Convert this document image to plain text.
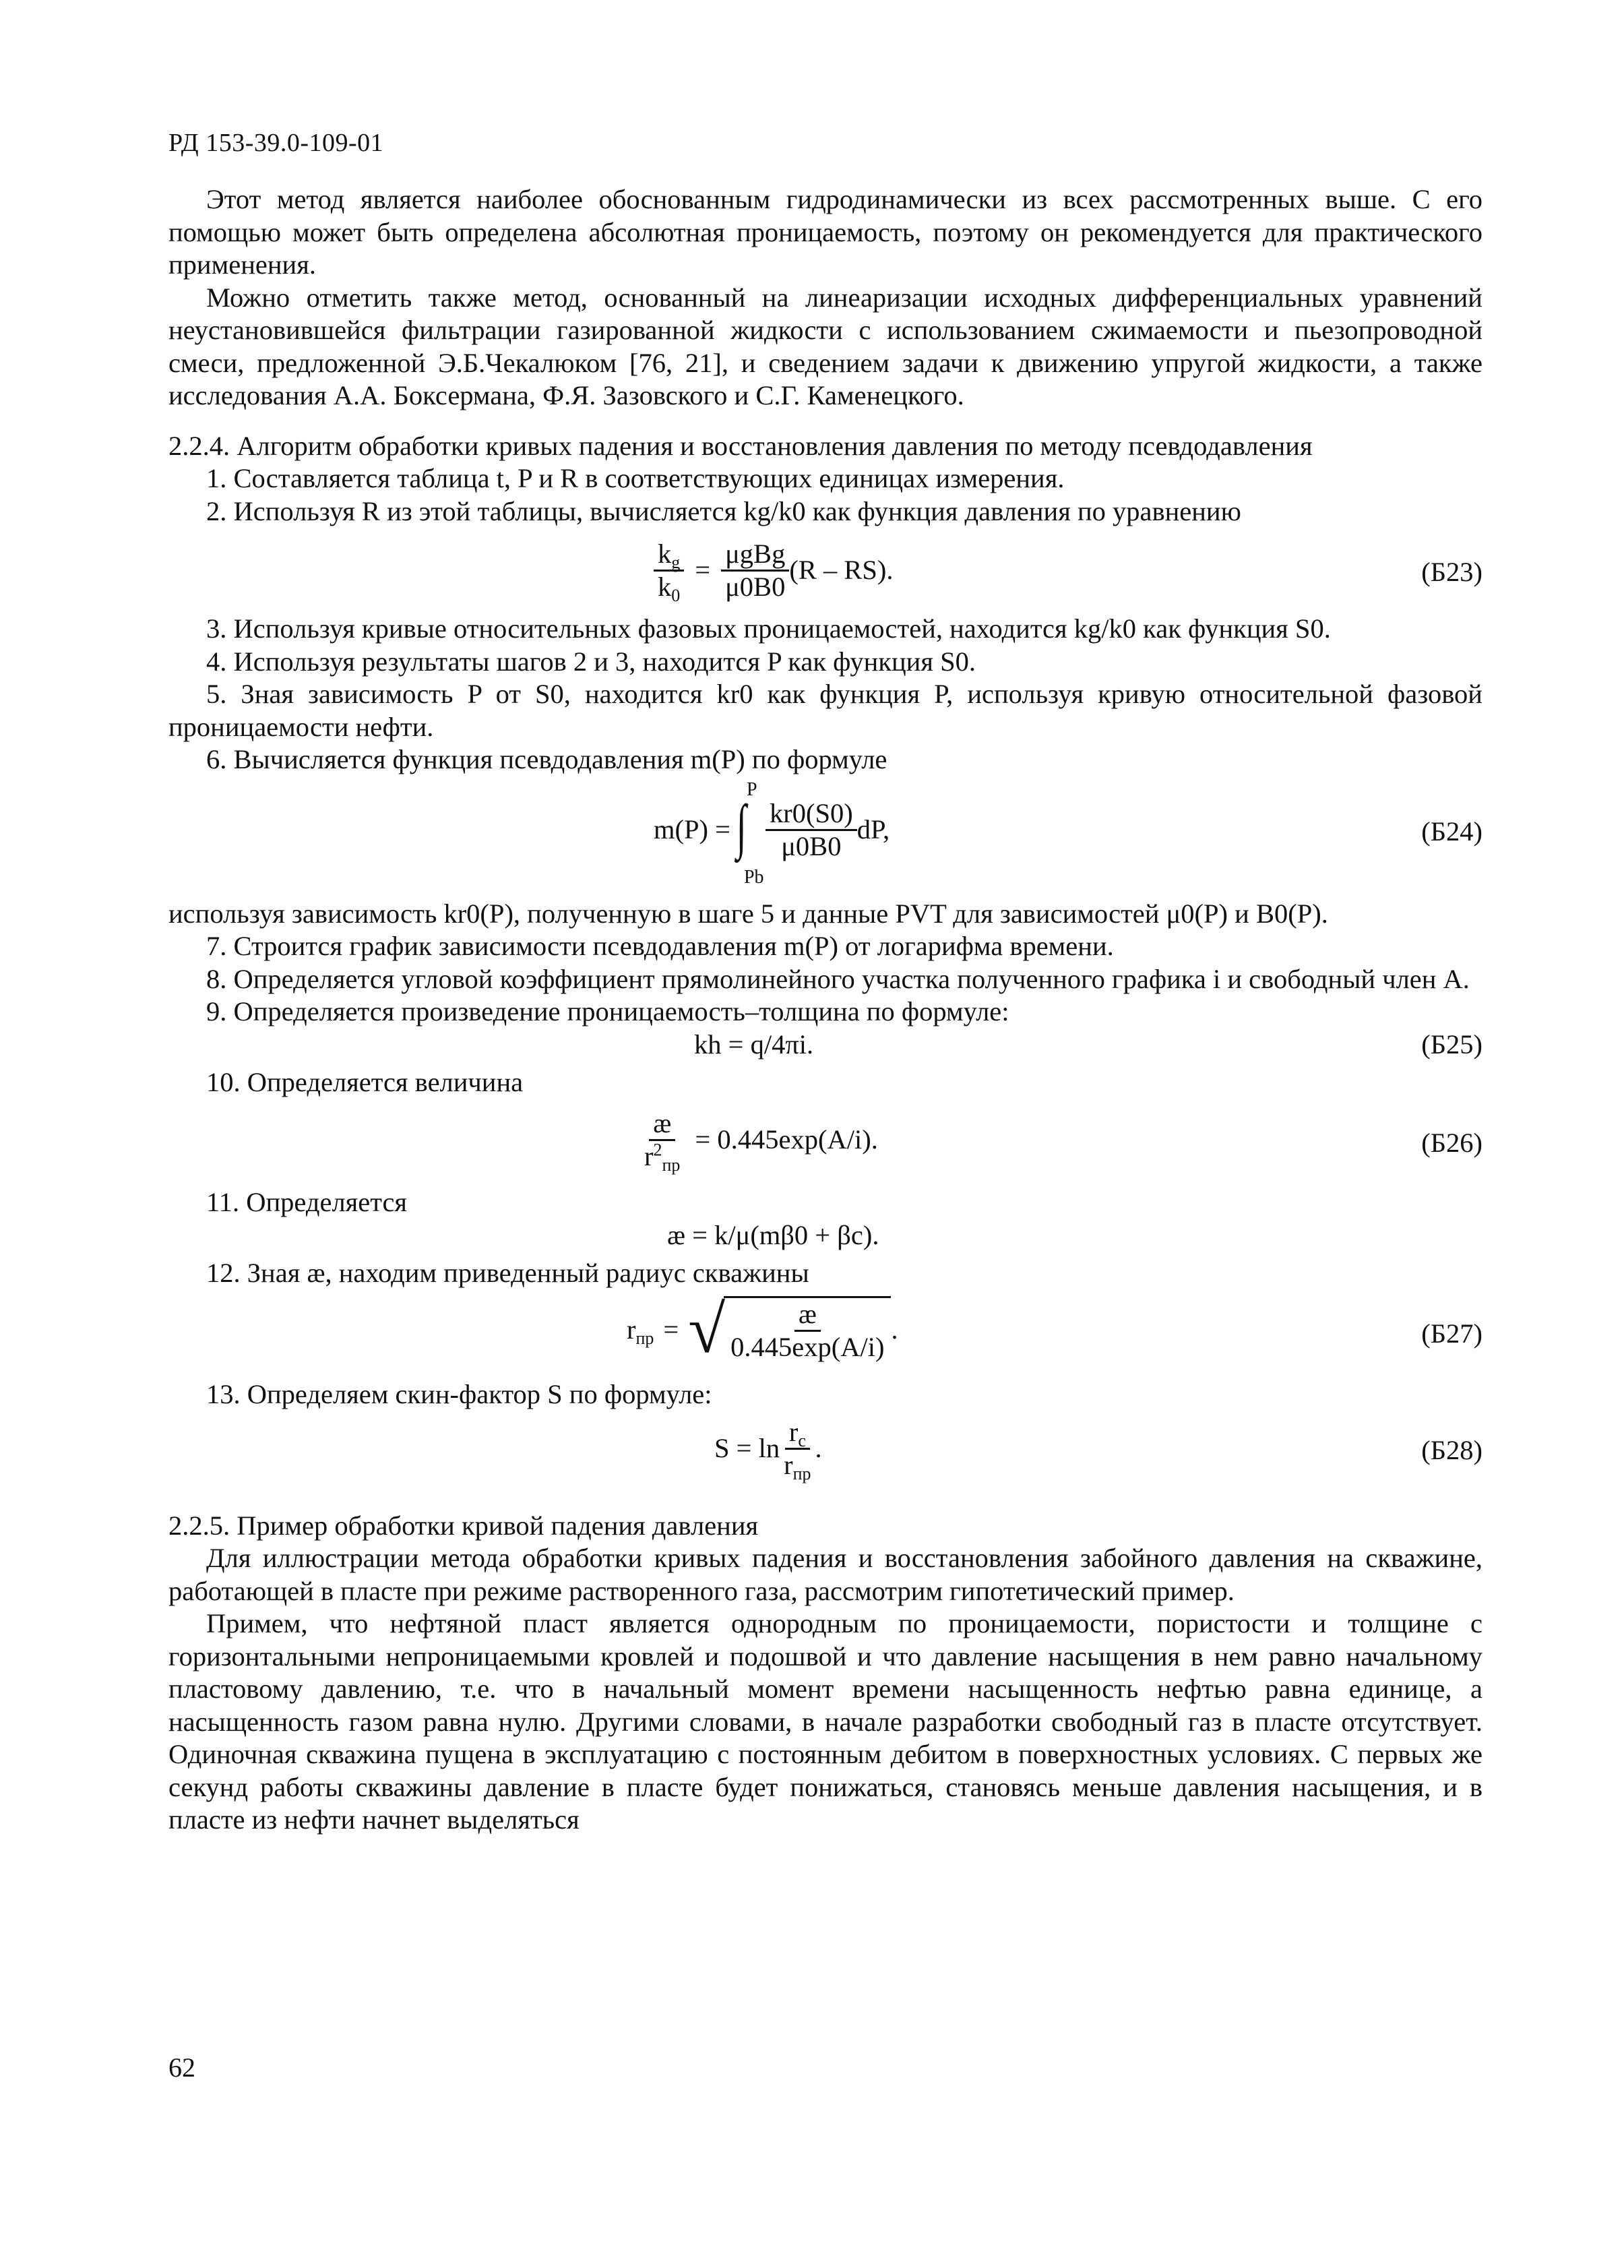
РД 153-39.0-109-01

Этот метод является наиболее обоснованным гидродинамически из всех рассмотренных выше. С его помощью может быть определена абсолютная проницаемость, поэтому он рекомендуется для практического применения.

Можно отметить также метод, основанный на линеаризации исходных дифференциальных уравнений неустановившейся фильтрации газированной жидкости с использованием сжимаемости и пьезопроводной смеси, предложенной Э.Б.Чекалюком [76, 21], и сведением задачи к движению упругой жидкости, а также исследования А.А. Боксермана, Ф.Я. Зазовского и С.Г. Каменецкого.

2.2.4. Алгоритм обработки кривых падения и восстановления давления по методу псевдодавления

1. Составляется таблица t, P и R в соответствующих единицах измерения.

2. Используя R из этой таблицы, вычисляется kg/k0 как функция давления по уравнению

$\frac{k_g}{k_0} = \frac{\text{μgBg}}{\mu 0B0} (R - RS)$.	(Б23)

3. Используя кривые относительных фазовых проницаемостей, находится kg/k0 как функция S0.

4. Используя результаты шагов 2 и 3, находится P как функция S0.

5. Зная зависимость P от S0, находится kr0 как функция P, используя кривую относительной фазовой проницаемости нефти.

6. Вычисляется функция псевдодавления m(P) по формуле

m(P) =
P
∫
Pb
$\frac{kr0(S0)}{\mu 0B0}$ dP,	(Б24)

используя зависимость kr0(P), полученную в шаге 5 и данные PVT для зависимостей μ0(P) и B0(P).

7. Строится график зависимости псевдодавления m(P) от логарифма времени.

8. Определяется угловой коэффициент прямолинейного участка полученного графика i и свободный член A.

9. Определяется произведение проницаемость–толщина по формуле:

kh = q/4πi.	(Б25)

10. Определяется величина

$\frac{æ}{r^2_{пр}} = 0.445\exp(A/i)$.	(Б26)

11. Определяется

æ = k/μ(mβ0 + βc).

12. Зная æ, находим приведенный радиус скважины

$r_{пр}$ = √ $\frac{æ}{0.445\exp(A/i)}$ .	(Б27)

13. Определяем скин-фактор S по формуле:

$S = \ln \frac{r_c}{r_{пр}}$ .	(Б28)

2.2.5. Пример обработки кривой падения давления

Для иллюстрации метода обработки кривых падения и восстановления забойного давления на скважине, работающей в пласте при режиме растворенного газа, рассмотрим гипотетический пример.

Примем, что нефтяной пласт является однородным по проницаемости, пористости и толщине с горизонтальными непроницаемыми кровлей и подошвой и что давление насыщения в нем равно начальному пластовому давлению, т.е. что в начальный момент времени насыщенность нефтью равна единице, а насыщенность газом равна нулю. Другими словами, в начале разработки свободный газ в пласте отсутствует. Одиночная скважина пущена в эксплуатацию с постоянным дебитом в поверхностных условиях. С первых же секунд работы скважины давление в пласте будет понижаться, становясь меньше давления насыщения, и в пласте из нефти начнет выделяться

62
